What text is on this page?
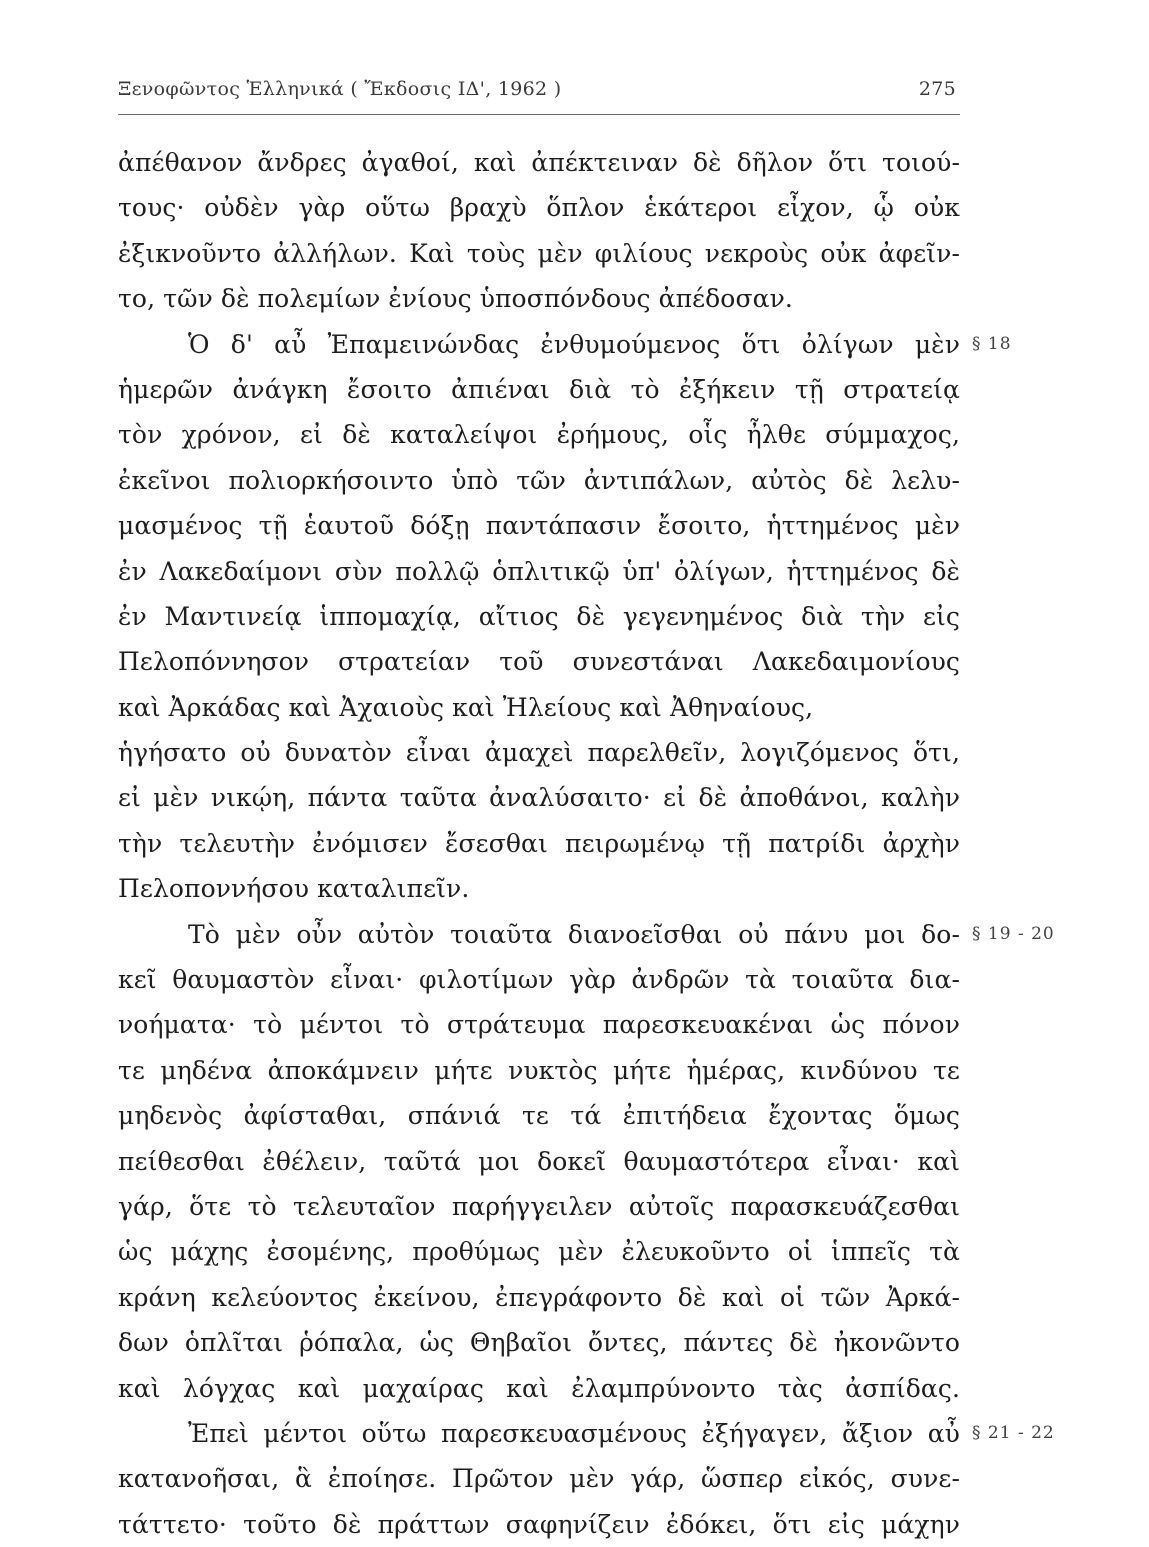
Ξενοφῶντος Ἑλληνικά ( Ἔκδοσις ΙΔ', 1962 )	275
ἀπέθανον ἄνδρες ἀγαθοί, καὶ ἀπέκτειναν δὲ δῆλον ὅτι τοιού-
τους· οὐδὲν γὰρ οὕτω βραχὺ ὅπλον ἑκάτεροι εἶχον, ᾧ οὐκ
ἐξικνοῦντο ἀλλήλων. Καὶ τοὺς μὲν φιλίους νεκροὺς οὐκ ἀφεῖν-
το, τῶν δὲ πολεμίων ἐνίους ὑποσπόνδους ἀπέδοσαν.
Ὁ δ' αὖ Ἐπαμεινώνδας ἐνθυμούμενος ὅτι ὀλίγων μὲν § 18
ἡμερῶν ἀνάγκη ἔσοιτο ἀπιέναι διὰ τὸ ἐξήκειν τῇ στρατείᾳ
τὸν χρόνον, εἰ δὲ καταλείψοι ἐρήμους, οἷς ἦλθε σύμμαχος,
ἐκεῖνοι πολιορκήσοιντο ὑπὸ τῶν ἀντιπάλων, αὐτὸς δὲ λελυ-
μασμένος τῇ ἑαυτοῦ δόξῃ παντάπασιν ἔσοιτο, ἡττημένος μὲν
ἐν Λακεδαίμονι σὺν πολλῷ ὁπλιτικῷ ὑπ' ὀλίγων, ἡττημένος δὲ
ἐν Μαντινείᾳ ἱππομαχίᾳ, αἴτιος δὲ γεγενημένος διὰ τὴν εἰς
Πελοπόννησον στρατείαν τοῦ συνεστάναι Λακεδαιμονίους
καὶ Ἀρκάδας καὶ Ἀχαιοὺς καὶ Ἠλείους καὶ Ἀθηναίους,
ἡγήσατο οὐ δυνατὸν εἶναι ἀμαχεὶ παρελθεῖν, λογιζόμενος ὅτι,
εἰ μὲν νικῴη, πάντα ταῦτα ἀναλύσαιτο· εἰ δὲ ἀποθάνοι, καλὴν
τὴν τελευτὴν ἐνόμισεν ἔσεσθαι πειρωμένῳ τῇ πατρίδι ἀρχὴν
Πελοποννήσου καταλιπεῖν.
Τὸ μὲν οὖν αὐτὸν τοιαῦτα διανοεῖσθαι οὐ πάνυ μοι δο- § 19 - 20
κεῖ θαυμαστὸν εἶναι· φιλοτίμων γὰρ ἀνδρῶν τὰ τοιαῦτα δια-
νοήματα· τὸ μέντοι τὸ στράτευμα παρεσκευακέναι ὡς πόνον
τε μηδένα ἀποκάμνειν μήτε νυκτὸς μήτε ἡμέρας, κινδύνου τε
μηδενὸς ἀφίσταθαι, σπάνιά τε τά ἐπιτήδεια ἔχοντας ὅμως
πείθεσθαι ἐθέλειν, ταῦτά μοι δοκεῖ θαυμαστότερα εἶναι· καὶ
γάρ, ὅτε τὸ τελευταῖον παρήγγειλεν αὐτοῖς παρασκευάζεσθαι
ὡς μάχης ἐσομένης, προθύμως μὲν ἐλευκοῦντο οἱ ἱππεῖς τὰ
κράνη κελεύοντος ἐκείνου, ἐπεγράφοντο δὲ καὶ οἱ τῶν Ἀρκά-
δων ὁπλῖται ῥόπαλα, ὡς Θηβαῖοι ὄντες, πάντες δὲ ἠκονῶντο
καὶ λόγχας καὶ μαχαίρας καὶ ἐλαμπρύνοντο τὰς ἀσπίδας.
Ἐπεὶ μέντοι οὕτω παρεσκευασμένους ἐξήγαγεν, ἄξιον αὖ § 21 - 22
κατανοῆσαι, ἃ ἐποίησε. Πρῶτον μὲν γάρ, ὥσπερ εἰκός, συνε-
τάττετο· τοῦτο δὲ πράττων σαφηνίζειν ἐδόκει, ὅτι εἰς μάχην
